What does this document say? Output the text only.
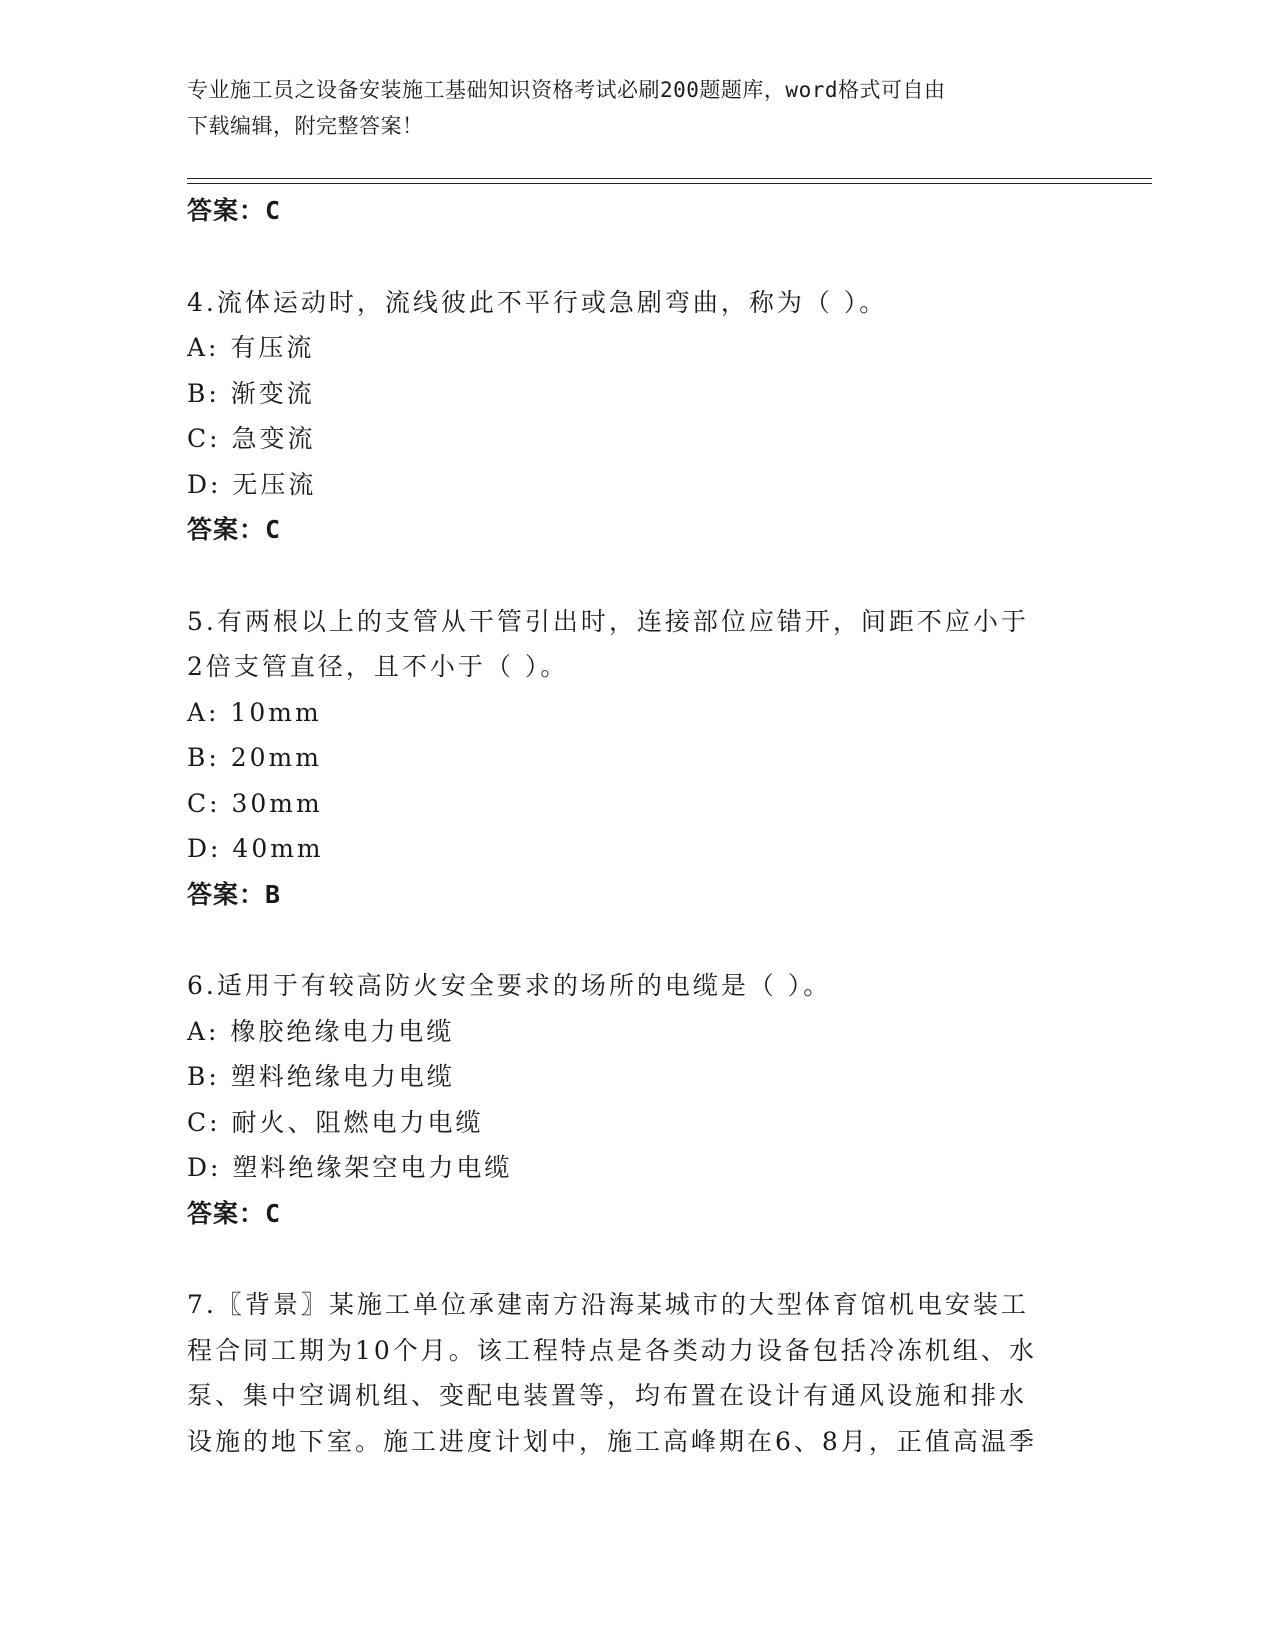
专业施工员之设备安装施工基础知识资格考试必刷200题题库，word格式可自由
下载编辑，附完整答案！
答案：C
4.流体运动时，流线彼此不平行或急剧弯曲，称为（ ）。
A: 有压流
B: 渐变流
C: 急变流
D: 无压流
答案：C
5.有两根以上的支管从干管引出时，连接部位应错开，间距不应小于
2倍支管直径，且不小于（ ）。
A: 10mm
B: 20mm
C: 30mm
D: 40mm
答案：B
6.适用于有较高防火安全要求的场所的电缆是（ ）。
A: 橡胶绝缘电力电缆
B: 塑料绝缘电力电缆
C: 耐火、阻燃电力电缆
D: 塑料绝缘架空电力电缆
答案：C
7.〖背景〗某施工单位承建南方沿海某城市的大型体育馆机电安装工
程合同工期为10个月。该工程特点是各类动力设备包括冷冻机组、水
泵、集中空调机组、变配电装置等，均布置在设计有通风设施和排水
设施的地下室。施工进度计划中，施工高峰期在6、8月，正值高温季
